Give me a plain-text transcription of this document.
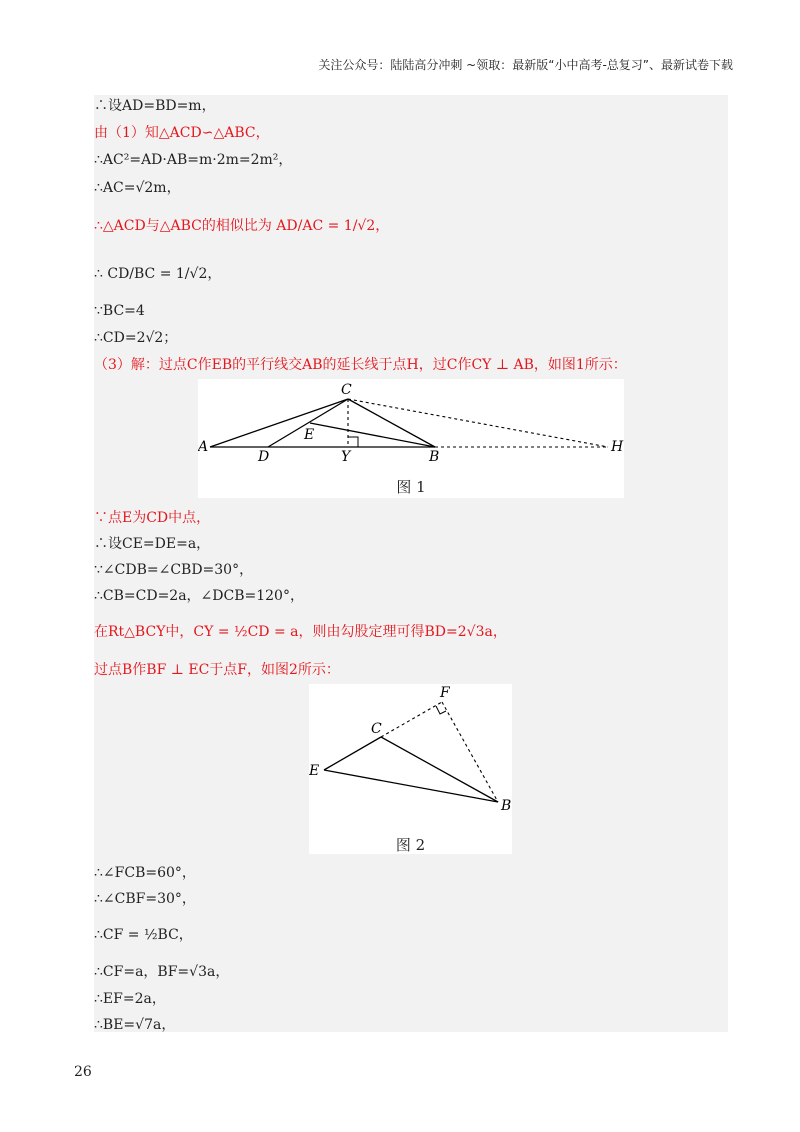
关注公众号：陆陆高分冲刺 ~领取：最新版“小中高考-总复习”、最新试卷下载
∴设AD=BD=m，
由（1）知△ACD∽△ABC，
∴AC²=AD·AB=m·2m=2m²，
∴AC=√2m，
∴△ACD与△ABC的相似比为 AD/AC = 1/√2，
∴ CD/BC = 1/√2，
∵BC=4
∴CD=2√2；
（3）解：过点C作EB的平行线交AB的延长线于点H，过C作CY ⊥ AB，如图1所示：
A
D
C
E
Y	B
H
图 1
∵点E为CD中点，
∴设CE=DE=a，
∵∠CDB=∠CBD=30°，
∴CB=CD=2a，∠DCB=120°，
在Rt△BCY中，CY = ½CD = a，则由勾股定理可得BD=2√3a，
过点B作BF ⊥ EC于点F，如图2所示：
F
C
E
B
图 2
∴∠FCB=60°，
∴∠CBF=30°，
∴CF = ½BC，
∴CF=a，BF=√3a，
∴EF=2a，
∴BE=√7a，
26
